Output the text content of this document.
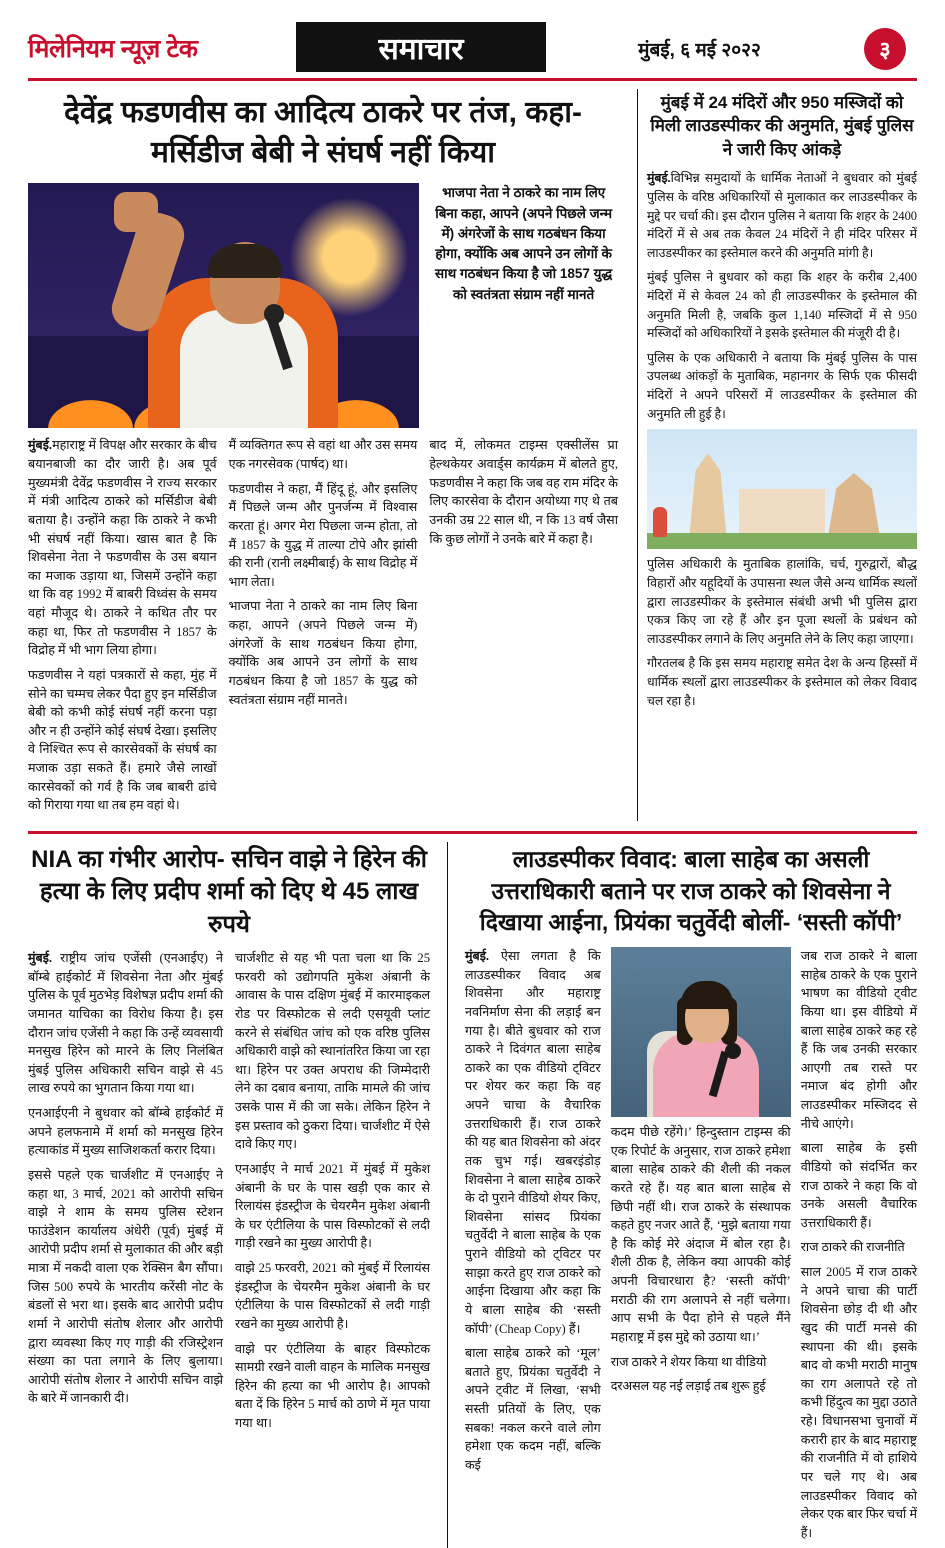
मिलेनियम न्यूज़ टेक	समाचार	मुंबई, ६ मई २०२२	३
देवेंद्र फडणवीस का आदित्य ठाकरे पर तंज, कहा- मर्सिडीज बेबी ने संघर्ष नहीं किया
भाजपा नेता ने ठाकरे का नाम लिए बिना कहा, आपने (अपने पिछले जन्म में) अंगरेजों के साथ गठबंधन किया होगा, क्योंकि अब आपने उन लोगों के साथ गठबंधन किया है जो 1857 युद्ध को स्वतंत्रता संग्राम नहीं मानते

मुंबई.महाराष्ट्र में विपक्ष और सरकार के बीच बयानबाजी का दौर जारी है। अब पूर्व मुख्यमंत्री देवेंद्र फडणवीस ने राज्य सरकार में मंत्री आदित्य ठाकरे को मर्सिडीज बेबी बताया है। उन्होंने कहा कि ठाकरे ने कभी भी संघर्ष नहीं किया। खास बात है कि शिवसेना नेता ने फडणवीस के उस बयान का मजाक उड़ाया था, जिसमें उन्होंने कहा था कि वह 1992 में बाबरी विध्वंस के समय वहां मौजूद थे। ठाकरे ने कथित तौर पर कहा था, फिर तो फडणवीस ने 1857 के विद्रोह में भी भाग लिया होगा।

फडणवीस ने यहां पत्रकारों से कहा, मुंह में सोने का चम्मच लेकर पैदा हुए इन मर्सिडीज बेबी को कभी कोई संघर्ष नहीं करना पड़ा और न ही उन्होंने कोई संघर्ष देखा। इसलिए वे निश्चित रूप से कारसेवकों के संघर्ष का मजाक उड़ा सकते हैं। हमारे जैसे लाखों कारसेवकों को गर्व है कि जब बाबरी ढांचे को गिराया गया था तब हम वहां थे।

मैं व्यक्तिगत रूप से वहां था और उस समय एक नगरसेवक (पार्षद) था।

फडणवीस ने कहा, मैं हिंदू हूं, और इसलिए मैं पिछले जन्म और पुनर्जन्म में विश्वास करता हूं। अगर मेरा पिछला जन्म होता, तो मैं 1857 के युद्ध में ताल्या टोपे और झांसी की रानी (रानी लक्ष्मीबाई) के साथ विद्रोह में भाग लेता।

भाजपा नेता ने ठाकरे का नाम लिए बिना कहा, आपने (अपने पिछले जन्म में) अंगरेजों के साथ गठबंधन किया होगा, क्योंकि अब आपने उन लोगों के साथ गठबंधन किया है जो 1857 के युद्ध को स्वतंत्रता संग्राम नहीं मानते।

बाद में, लोकमत टाइम्स एक्सीलेंस प्रा हेल्थकेयर अवार्ड्स कार्यक्रम में बोलते हुए, फडणवीस ने कहा कि जब वह राम मंदिर के लिए कारसेवा के दौरान अयोध्या गए थे तब उनकी उम्र 22 साल थी, न कि 13 वर्ष जैसा कि कुछ लोगों ने उनके बारे में कहा है।

मुंबई में 24 मंदिरों और 950 मस्जिदों को मिली लाउडस्पीकर की अनुमति, मुंबई पुलिस ने जारी किए आंकड़े

मुंबई.विभिन्न समुदायों के धार्मिक नेताओं ने बुधवार को मुंबई पुलिस के वरिष्ठ अधिकारियों से मुलाकात कर लाउडस्पीकर के मुद्दे पर चर्चा की। इस दौरान पुलिस ने बताया कि शहर के 2400 मंदिरों में से अब तक केवल 24 मंदिरों ने ही मंदिर परिसर में लाउडस्पीकर का इस्तेमाल करने की अनुमति मांगी है।

मुंबई पुलिस ने बुधवार को कहा कि शहर के करीब 2,400 मंदिरों में से केवल 24 को ही लाउडस्पीकर के इस्तेमाल की अनुमति मिली है, जबकि कुल 1,140 मस्जिदों में से 950 मस्जिदों को अधिकारियों ने इसके इस्तेमाल की मंजूरी दी है।

पुलिस के एक अधिकारी ने बताया कि मुंबई पुलिस के पास उपलब्ध आंकड़ों के मुताबिक, महानगर के सिर्फ एक फीसदी मंदिरों ने अपने परिसरों में लाउडस्पीकर के इस्तेमाल की अनुमति ली हुई है।

पुलिस अधिकारी के मुताबिक हालांकि, चर्च, गुरुद्वारों, बौद्ध विहारों और यहूदियों के उपासना स्थल जैसे अन्य धार्मिक स्थलों द्वारा लाउडस्पीकर के इस्तेमाल संबंधी अभी भी पुलिस द्वारा एकत्र किए जा रहे हैं और इन पूजा स्थलों के प्रबंधन को लाउडस्पीकर लगाने के लिए अनुमति लेने के लिए कहा जाएगा।

गौरतलब है कि इस समय महाराष्ट्र समेत देश के अन्य हिस्सों में धार्मिक स्थलों द्वारा लाउडस्पीकर के इस्तेमाल को लेकर विवाद चल रहा है।

NIA का गंभीर आरोप- सचिन वाझे ने हिरेन की हत्या के लिए प्रदीप शर्मा को दिए थे 45 लाख रुपये

मुंबई. राष्ट्रीय जांच एजेंसी (एनआईए) ने बॉम्बे हाईकोर्ट में शिवसेना नेता और मुंबई पुलिस के पूर्व मुठभेड़ विशेषज्ञ प्रदीप शर्मा की जमानत याचिका का विरोध किया है। इस दौरान जांच एजेंसी ने कहा कि उन्हें व्यवसायी मनसुख हिरेन को मारने के लिए निलंबित मुंबई पुलिस अधिकारी सचिन वाझे से 45 लाख रुपये का भुगतान किया गया था।

एनआईएनी ने बुधवार को बॉम्बे हाईकोर्ट में अपने हलफनामे में शर्मा को मनसुख हिरेन हत्याकांड में मुख्य साजिशकर्ता करार दिया।

इससे पहले एक चार्जशीट में एनआईए ने कहा था, 3 मार्च, 2021 को आरोपी सचिन वाझे ने शाम के समय पुलिस स्टेशन फाउंडेशन कार्यालय अंधेरी (पूर्व) मुंबई में आरोपी प्रदीप शर्मा से मुलाकात की और बड़ी मात्रा में नकदी वाला एक रेक्सिन बैग सौंपा। जिस 500 रुपये के भारतीय करेंसी नोट के बंडलों से भरा था। इसके बाद आरोपी प्रदीप शर्मा ने आरोपी संतोष शेलार और आरोपी द्वारा व्यवस्था किए गए गाड़ी की रजिस्ट्रेशन संख्या का पता लगाने के लिए बुलाया। आरोपी संतोष शेलार ने आरोपी सचिन वाझे के बारे में जानकारी दी।

चार्जशीट से यह भी पता चला था कि 25 फरवरी को उद्योगपति मुकेश अंबानी के आवास के पास दक्षिण मुंबई में कारमाइकल रोड पर विस्फोटक से लदी एसयूवी प्लांट करने से संबंधित जांच को एक वरिष्ठ पुलिस अधिकारी वाझे को स्थानांतरित किया जा रहा था। हिरेन पर उक्त अपराध की जिम्मेदारी लेने का दबाव बनाया, ताकि मामले की जांच उसके पास में की जा सके। लेकिन हिरेन ने इस प्रस्ताव को ठुकरा दिया। चार्जशीट में ऐसे दावे किए गए।

एनआईए ने मार्च 2021 में मुंबई में मुकेश अंबानी के घर के पास खड़ी एक कार से रिलायंस इंडस्ट्रीज के चेयरमैन मुकेश अंबानी के घर एंटीलिया के पास विस्फोटकों से लदी गाड़ी रखने का मुख्य आरोपी है।

वाझे 25 फरवरी, 2021 को मुंबई में रिलायंस इंडस्ट्रीज के चेयरमैन मुकेश अंबानी के घर एंटीलिया के पास विस्फोटकों से लदी गाड़ी रखने का मुख्य आरोपी है।

वाझे पर एंटीलिया के बाहर विस्फोटक सामग्री रखने वाली वाहन के मालिक मनसुख हिरेन की हत्या का भी आरोप है। आपको बता दें कि हिरेन 5 मार्च को ठाणे में मृत पाया गया था।

लाउडस्पीकर विवाद: बाला साहेब का असली उत्तराधिकारी बताने पर राज ठाकरे को शिवसेना ने दिखाया आईना, प्रियंका चतुर्वेदी बोलीं- ‘सस्ती कॉपी’

मुंबई. ऐसा लगता है कि लाउडस्पीकर विवाद अब शिवसेना और महाराष्ट्र नवनिर्माण सेना की लड़ाई बन गया है। बीते बुधवार को राज ठाकरे ने दिवंगत बाला साहेब ठाकरे का एक वीडियो ट्विटर पर शेयर कर कहा कि वह अपने चाचा के वैचारिक उत्तराधिकारी हैं। राज ठाकरे की यह बात शिवसेना को अंदर तक चुभ गई। खबरइंडोड़ शिवसेना ने बाला साहेब ठाकरे के दो पुराने वीडियो शेयर किए, शिवसेना सांसद प्रियंका चतुर्वेदी ने बाला साहेब के एक पुराने वीडियो को ट्विटर पर साझा करते हुए राज ठाकरे को आईना दिखाया और कहा कि ये बाला साहेब की ‘सस्ती कॉपी’ (Cheap Copy) हैं।

बाला साहेब ठाकरे को ‘मूल’ बताते हुए, प्रियंका चतुर्वेदी ने अपने ट्वीट में लिखा, ‘सभी सस्ती प्रतियों के लिए, एक सबक! नकल करने वाले लोग हमेशा एक कदम नहीं, बल्कि कई

कदम पीछे रहेंगे।’ हिन्दुस्तान टाइम्स की एक रिपोर्ट के अनुसार, राज ठाकरे हमेशा बाला साहेब ठाकरे की शैली की नकल करते रहे हैं। यह बात बाला साहेब से छिपी नहीं थी। राज ठाकरे के संस्थापक कहते हुए नजर आते हैं, ‘मुझे बताया गया है कि कोई मेरे अंदाज में बोल रहा है। शैली ठीक है, लेकिन क्या आपकी कोई अपनी विचारधारा है? ‘सस्ती कॉपी’ मराठी की राग अलापने से नहीं चलेगा। आप सभी के पैदा होने से पहले मैंने महाराष्ट्र में इस मुद्दे को उठाया था।’

राज ठाकरे ने शेयर किया था वीडियो

दरअसल यह नई लड़ाई तब शुरू हुई

जब राज ठाकरे ने बाला साहेब ठाकरे के एक पुराने भाषण का वीडियो ट्वीट किया था। इस वीडियो में बाला साहेब ठाकरे कह रहे हैं कि जब उनकी सरकार आएगी तब रास्ते पर नमाज बंद होगी और लाउडस्पीकर मस्जिदद से नीचे आएंगे।

बाला साहेब के इसी वीडियो को संदर्भित कर राज ठाकरे ने कहा कि वो उनके असली वैचारिक उत्तराधिकारी हैं।

राज ठाकरे की राजनीति

साल 2005 में राज ठाकरे ने अपने चाचा की पार्टी शिवसेना छोड़ दी थी और खुद की पार्टी मनसे की स्थापना की थी। इसके बाद वो कभी मराठी मानुष का राग अलापते रहे तो कभी हिंदुत्व का मुद्दा उठाते रहे। विधानसभा चुनावों में करारी हार के बाद महाराष्ट्र की राजनीति में वो हाशिये पर चले गए थे। अब लाउडस्पीकर विवाद को लेकर एक बार फिर चर्चा में हैं।
